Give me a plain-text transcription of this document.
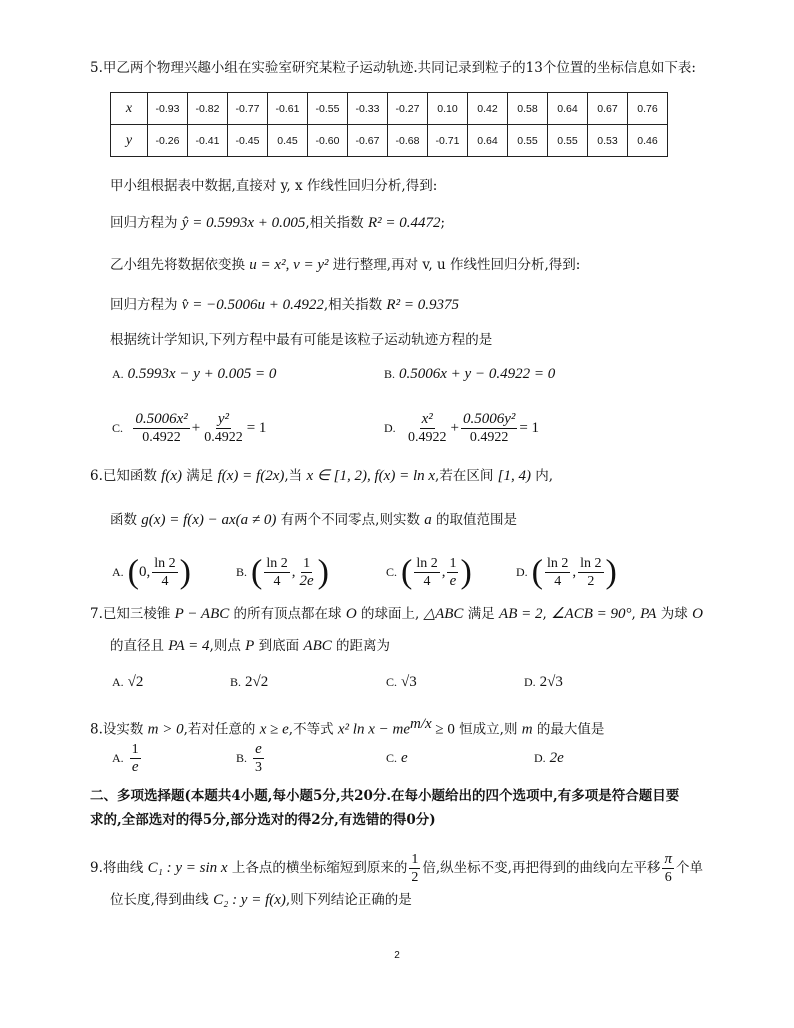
5.甲乙两个物理兴趣小组在实验室研究某粒子运动轨迹.共同记录到粒子的13个位置的坐标信息如下表:
x	-0.93	-0.82	-0.77	-0.61	-0.55	-0.33	-0.27	0.10	0.42	0.58	0.64	0.67	0.76
y	-0.26	-0.41	-0.45	0.45	-0.60	-0.67	-0.68	-0.71	0.64	0.55	0.55	0.53	0.46
甲小组根据表中数据,直接对 y, x 作线性回归分析,得到:
回归方程为 ŷ = 0.5993x + 0.005,相关指数 R² = 0.4472;
乙小组先将数据依变换 u = x², v = y² 进行整理,再对 v, u 作线性回归分析,得到:
回归方程为 v̂ = −0.5006u + 0.4922,相关指数 R² = 0.9375
根据统计学知识,下列方程中最有可能是该粒子运动轨迹方程的是
A. 0.5993x − y + 0.005 = 0	B. 0.5006x + y − 0.4922 = 0
C. $\frac{\text{0.5006x²}}{0.4922} + \frac{\text{y²}}{0.4922} = 1$	D. $\frac{\text{x²}}{0.4922} + \frac{\text{0.5006y²}}{0.4922} = 1$
6.已知函数 f(x) 满足 f(x) = f(2x),当 x ∈ [1, 2), f(x) = ln x,若在区间 [1, 4) 内,
函数 g(x) = f(x) − ax(a ≠ 0) 有两个不同零点,则实数 a 的取值范围是
A. (0, $\frac{\ln 2}{4}$ )	B. ( $\frac{\ln 2}{4}$ , $\frac{1}{2e}$ )	C. ( $\frac{\ln 2}{4}$ , $\frac{1}{e}$ )	D. ( $\frac{\ln 2}{4}$ , $\frac{\ln 2}{2}$ )
7.已知三棱锥 P − ABC 的所有顶点都在球 O 的球面上, △ABC 满足 AB = 2, ∠ACB = 90°, PA 为球 O
的直径且 PA = 4,则点 P 到底面 ABC 的距离为
A. √2	B. 2√2	C. √3	D. 2√3
8.设实数 m > 0,若对任意的 x ≥ e,不等式 x² $\ln x - me^{m/x} \ge 0$ 恒成立,则 m 的最大值是
A. $\frac{1}{e}$	B. $\frac{e}{3}$	C. e	D. 2e
二、多项选择题(本题共4小题,每小题5分,共20分.在每小题给出的四个选项中,有多项是符合题目要
求的,全部选对的得5分,部分选对的得2分,有选错的得0分)
9.将曲线 C₁ : y = sin x 上各点的横坐标缩短到原来的 $\frac{1}{2}$ 倍,纵坐标不变,再把得到的曲线向左平移 $\frac{\pi}{6}$ 个单
位长度,得到曲线 C₂ : y = f(x),则下列结论正确的是
2
